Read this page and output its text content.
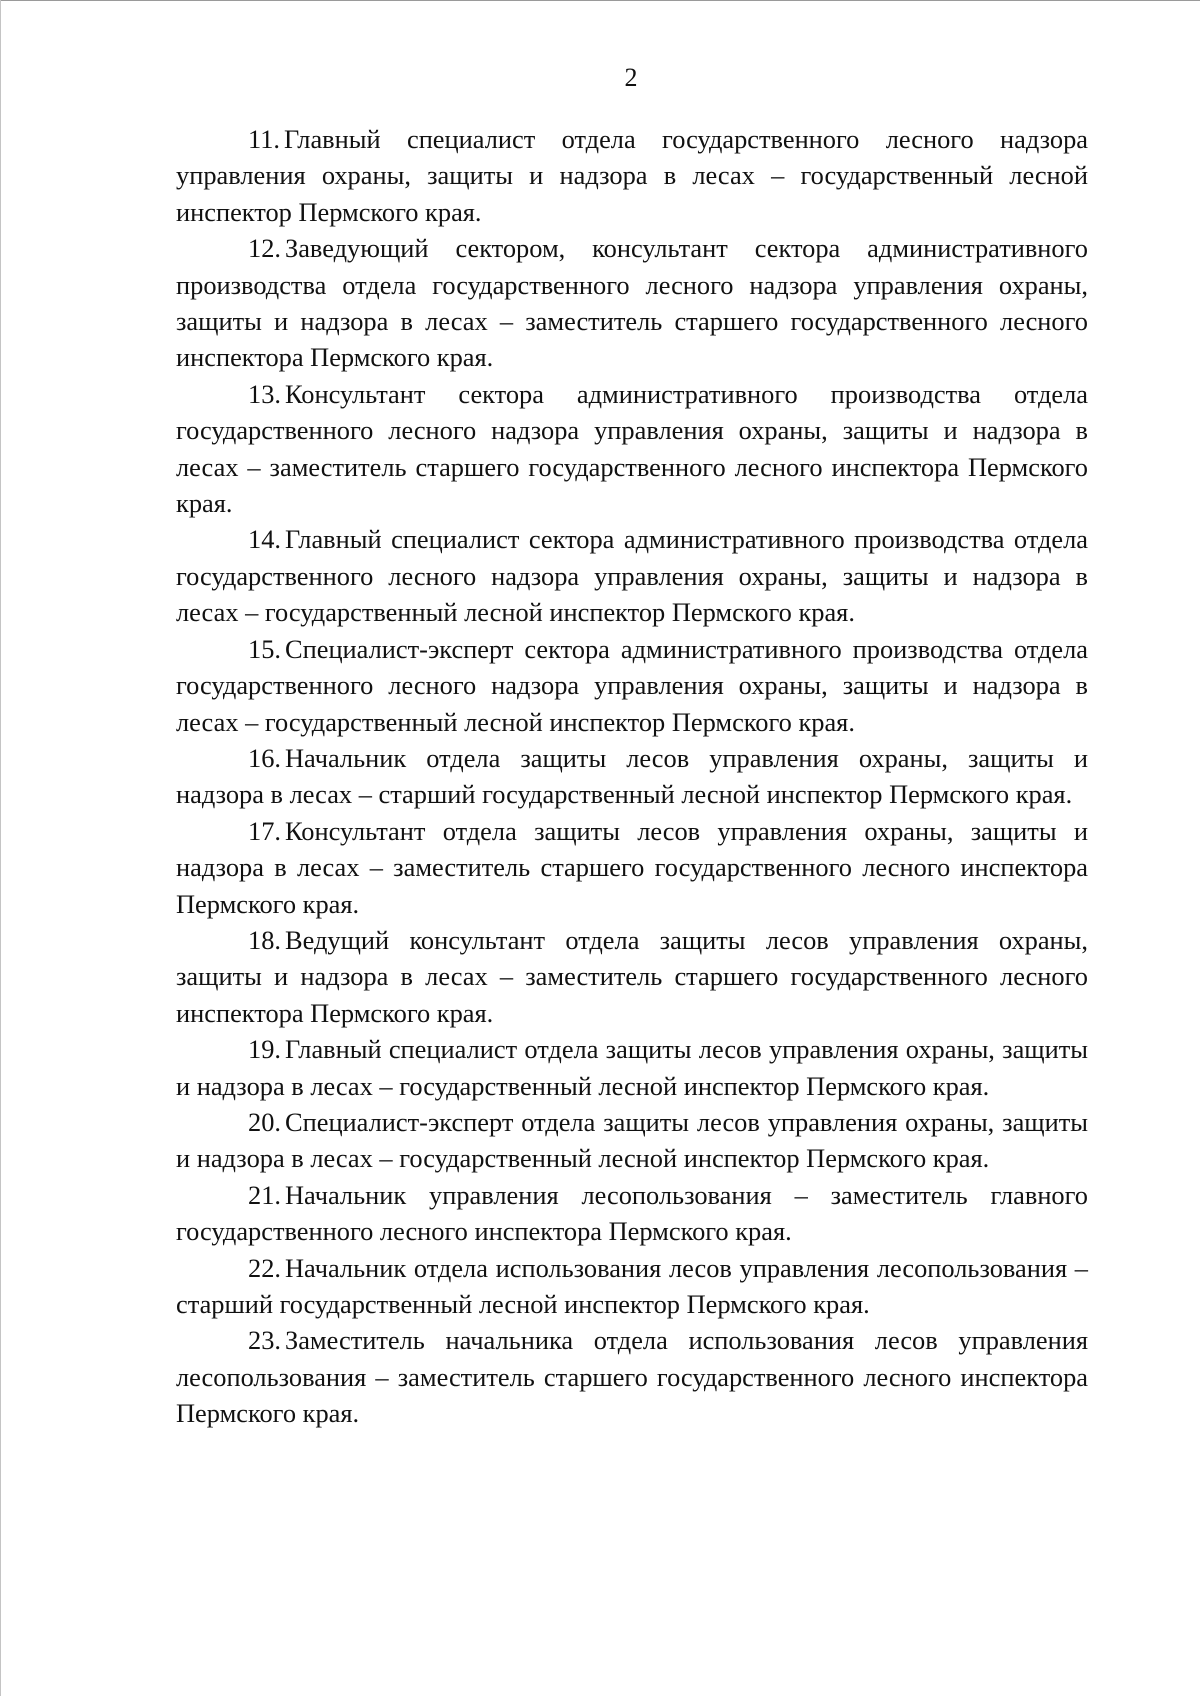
2

11. Главный специалист отдела государственного лесного надзора управления охраны, защиты и надзора в лесах – государственный лесной инспектор Пермского края.

12. Заведующий сектором, консультант сектора административного производства отдела государственного лесного надзора управления охраны, защиты и надзора в лесах – заместитель старшего государственного лесного инспектора Пермского края.

13. Консультант сектора административного производства отдела государственного лесного надзора управления охраны, защиты и надзора в лесах – заместитель старшего государственного лесного инспектора Пермского края.

14. Главный специалист сектора административного производства отдела государственного лесного надзора управления охраны, защиты и надзора в лесах – государственный лесной инспектор Пермского края.

15. Специалист-эксперт сектора административного производства отдела государственного лесного надзора управления охраны, защиты и надзора в лесах – государственный лесной инспектор Пермского края.

16. Начальник отдела защиты лесов управления охраны, защиты и надзора в лесах – старший государственный лесной инспектор Пермского края.

17. Консультант отдела защиты лесов управления охраны, защиты и надзора в лесах – заместитель старшего государственного лесного инспектора Пермского края.

18. Ведущий консультант отдела защиты лесов управления охраны, защиты и надзора в лесах – заместитель старшего государственного лесного инспектора Пермского края.

19. Главный специалист отдела защиты лесов управления охраны, защиты и надзора в лесах – государственный лесной инспектор Пермского края.

20. Специалист-эксперт отдела защиты лесов управления охраны, защиты и надзора в лесах – государственный лесной инспектор Пермского края.

21. Начальник управления лесопользования – заместитель главного государственного лесного инспектора Пермского края.

22. Начальник отдела использования лесов управления лесопользования – старший государственный лесной инспектор Пермского края.

23. Заместитель начальника отдела использования лесов управления лесопользования – заместитель старшего государственного лесного инспектора Пермского края.
